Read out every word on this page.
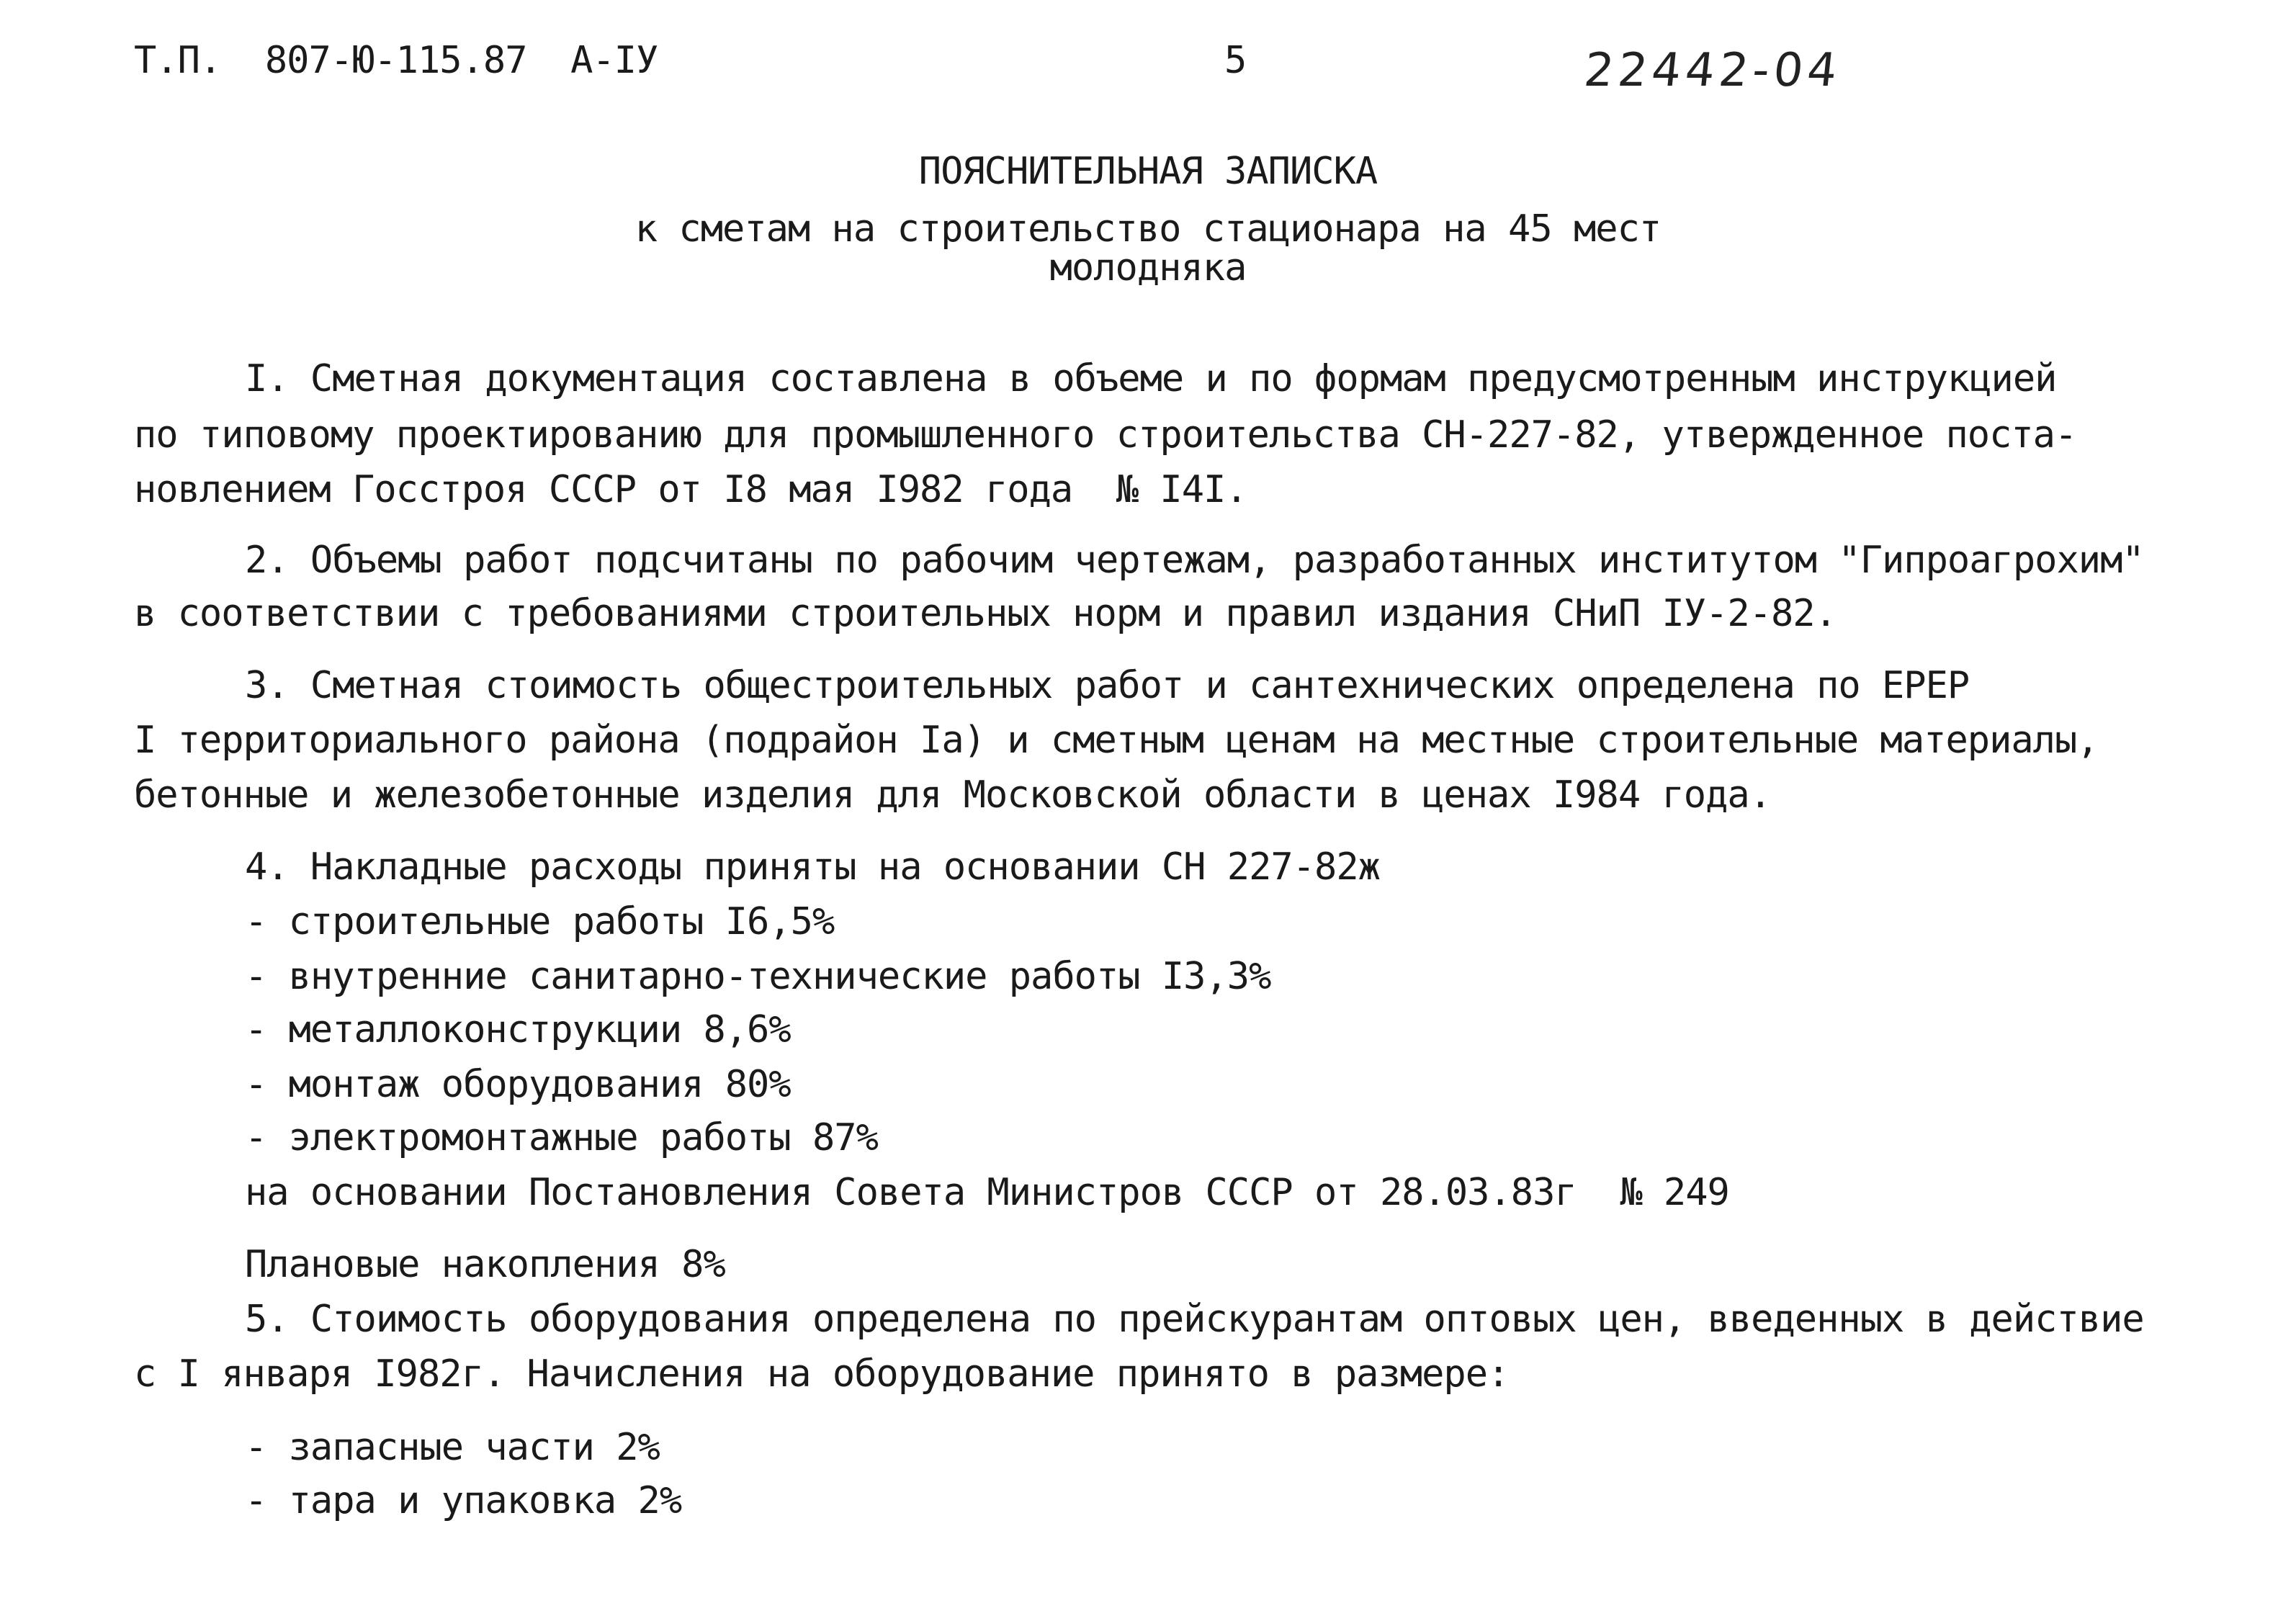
Т.П.  807-Ю-115.87  А-ІУ	5	22442-04
ПОЯСНИТЕЛЬНАЯ ЗАПИСКА
к сметам на строительство стационара на 45 мест
молодняка
I. Сметная документация составлена в объеме и по формам предусмотренным инструкцией
по типовому проектированию для промышленного строительства СН-227-82, утвержденное поста-
новлением Госстроя СССР от I8 мая I982 года  № I4I.
2. Объемы работ подсчитаны по рабочим чертежам, разработанных институтом "Гипроагрохим"
в соответствии с требованиями строительных норм и правил издания СНиП ІУ-2-82.
3. Сметная стоимость общестроительных работ и сантехнических определена по ЕРЕР
I территориального района (подрайон Iа) и сметным ценам на местные строительные материалы,
бетонные и железобетонные изделия для Московской области в ценах I984 года.
4. Накладные расходы приняты на основании СН 227-82ж
- строительные работы I6,5%
- внутренние санитарно-технические работы I3,3%
- металлоконструкции 8,6%
- монтаж оборудования 80%
- электромонтажные работы 87%
на основании Постановления Совета Министров СССР от 28.03.83г  № 249
Плановые накопления 8%
5. Стоимость оборудования определена по прейскурантам оптовых цен, введенных в действие
с I января I982г. Начисления на оборудование принято в размере:
- запасные части 2%
- тара и упаковка 2%
